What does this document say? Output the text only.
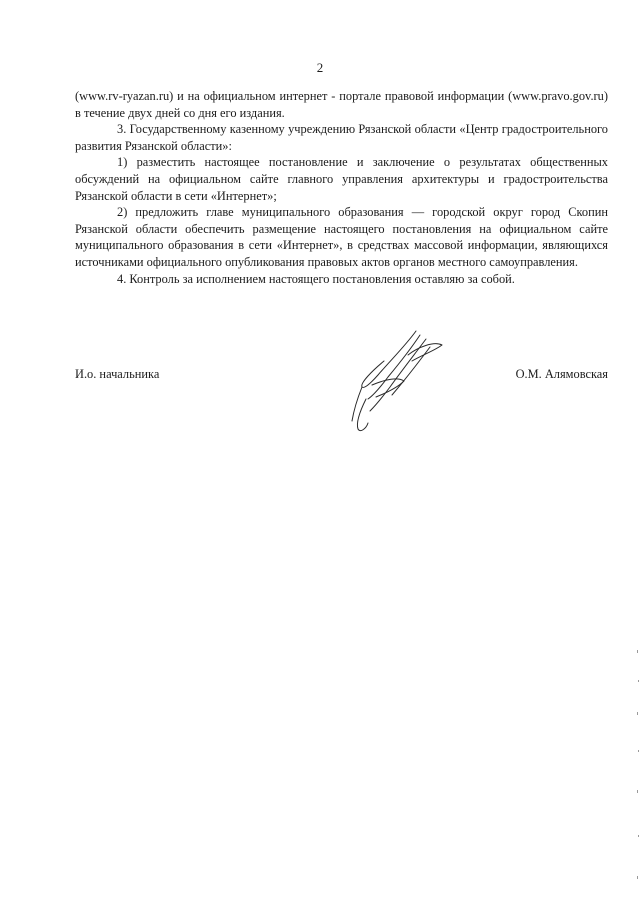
2

(www.rv-ryazan.ru) и на официальном интернет - портале правовой информации (www.pravo.gov.ru) в течение двух дней со дня его издания.

3. Государственному казенному учреждению Рязанской области «Центр градостроительного развития Рязанской области»:

1) разместить настоящее постановление и заключение о результатах общественных обсуждений на официальном сайте главного управления архитектуры и градостроительства Рязанской области в сети «Интернет»;

2) предложить главе муниципального образования — городской округ город Скопин Рязанской области обеспечить размещение настоящего постановления на официальном сайте муниципального образования в сети «Интернет», в средствах массовой информации, являющихся источниками официального опубликования правовых актов органов местного самоуправления.

4. Контроль за исполнением настоящего постановления оставляю за собой.

И.о. начальника	О.М. Алямовская
